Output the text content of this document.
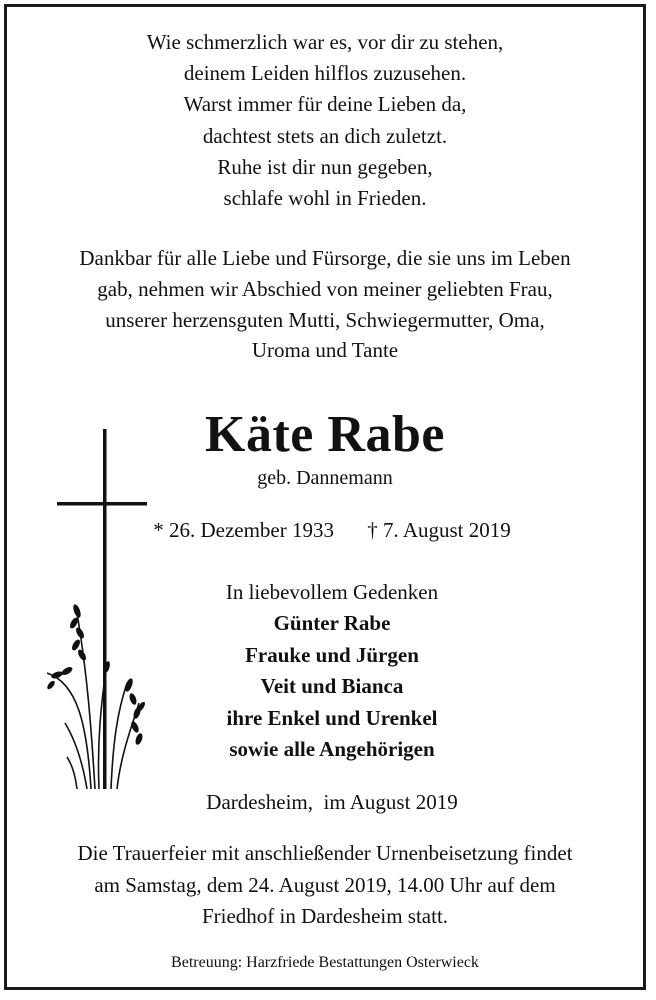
Wie schmerzlich war es, vor dir zu stehen,
deinem Leiden hilflos zuzusehen.
Warst immer für deine Lieben da,
dachtest stets an dich zuletzt.
Ruhe ist dir nun gegeben,
schlafe wohl in Frieden.
Dankbar für alle Liebe und Fürsorge, die sie uns im Leben
gab, nehmen wir Abschied von meiner geliebten Frau,
unserer herzensguten Mutti, Schwiegermutter, Oma,
Uroma und Tante
Käte Rabe
geb. Dannemann
* 26. Dezember 1933 † 7. August 2019
In liebevollem Gedenken
Günter Rabe
Frauke und Jürgen
Veit und Bianca
ihre Enkel und Urenkel
sowie alle Angehörigen
Dardesheim,  im August 2019
Die Trauerfeier mit anschließender Urnenbeisetzung findet
am Samstag, dem 24. August 2019, 14.00 Uhr auf dem
Friedhof in Dardesheim statt.
Betreuung: Harzfriede Bestattungen Osterwieck
